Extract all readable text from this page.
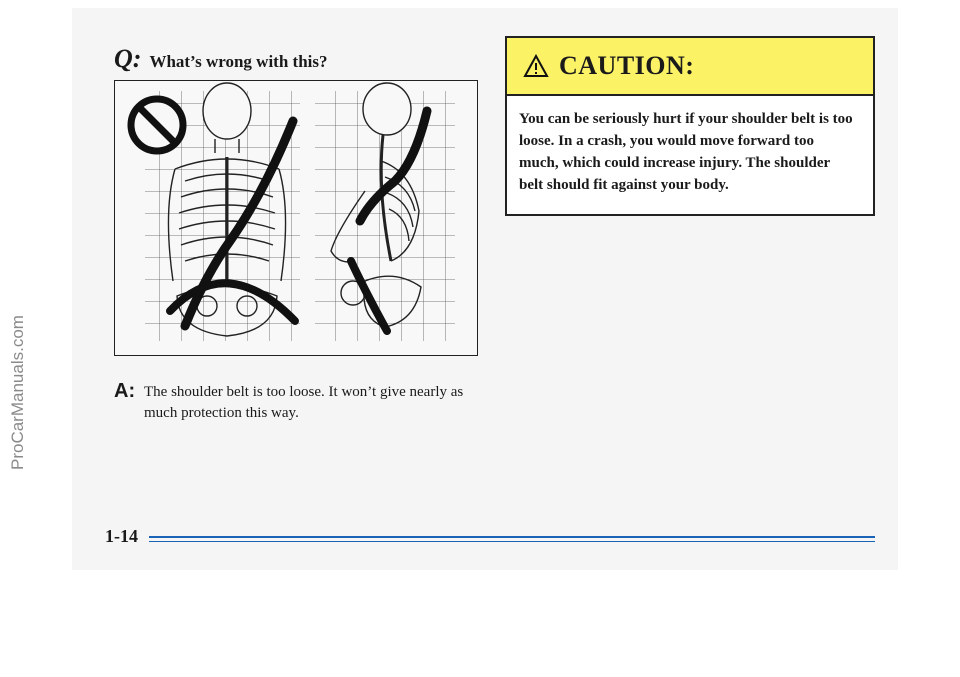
ProCarManuals.com
Q: What’s wrong with this?
A: The shoulder belt is too loose. It won’t give nearly as much protection this way.
CAUTION:
You can be seriously hurt if your shoulder belt is too loose. In a crash, you would move forward too much, which could increase injury. The shoulder belt should fit against your body.
1-14
